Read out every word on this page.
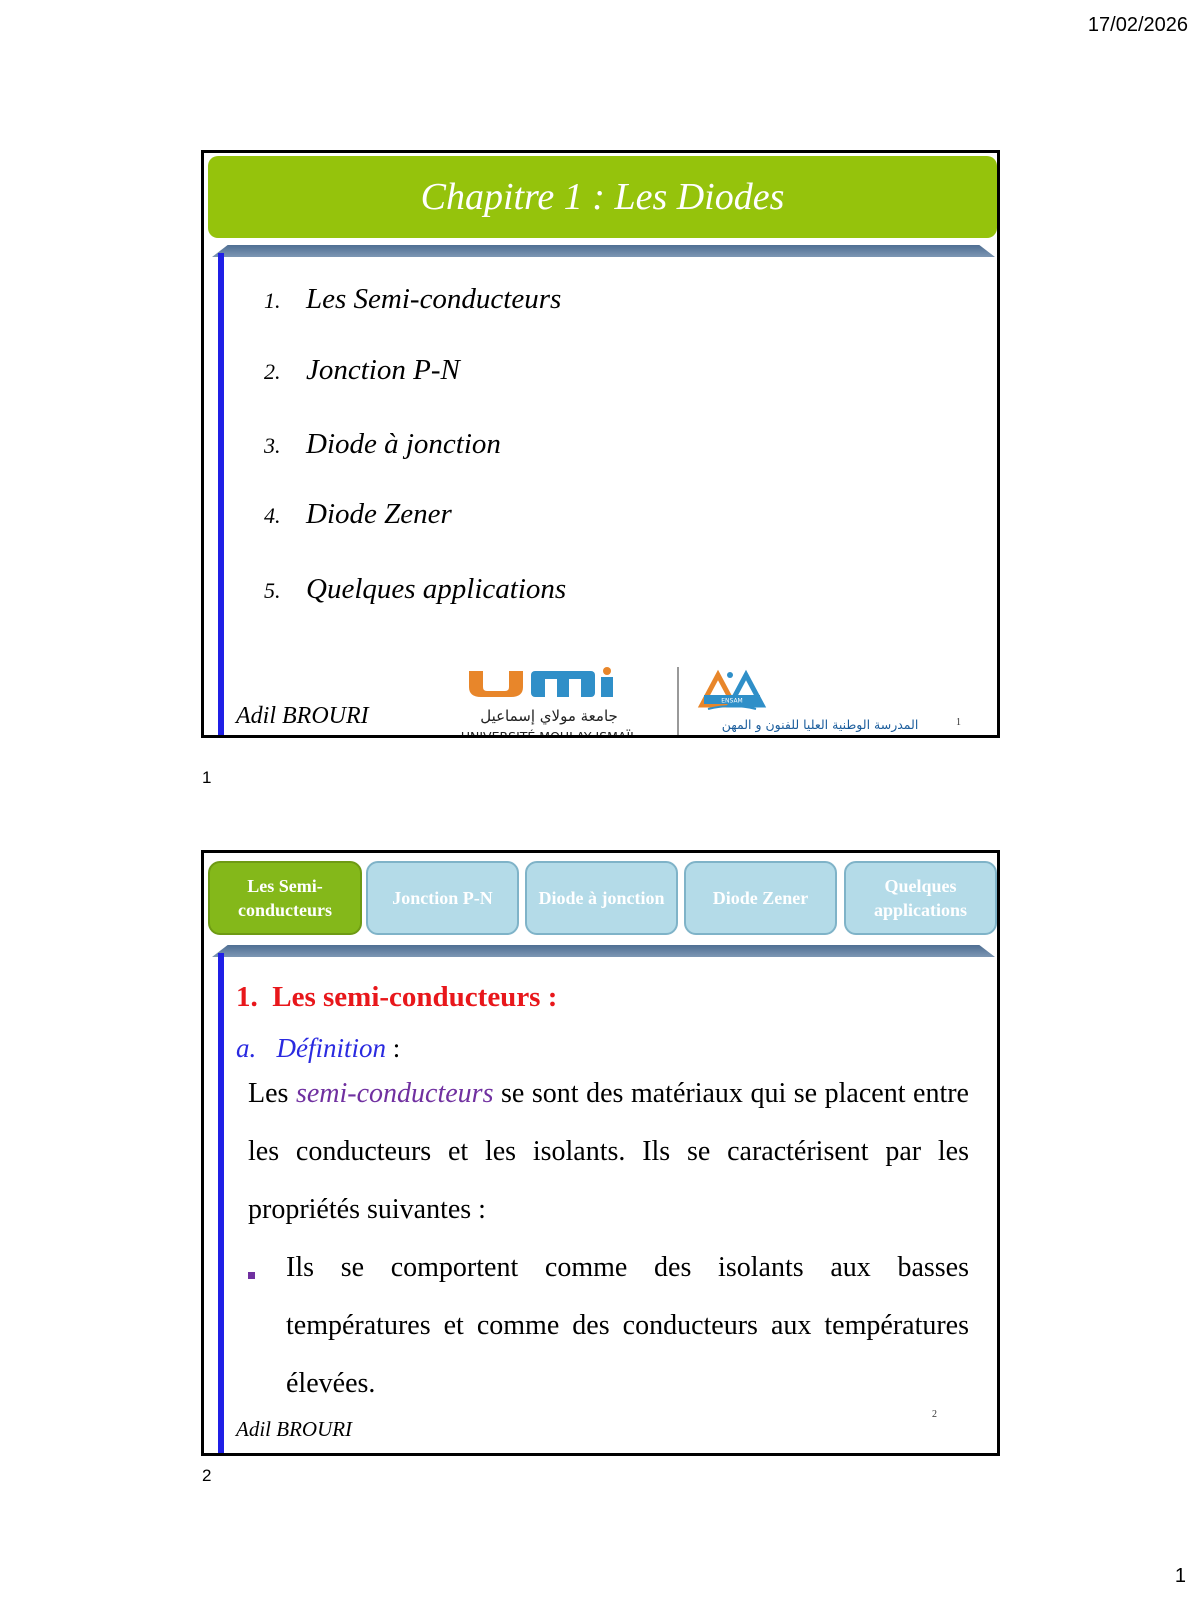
17/02/2026
Chapitre 1 : Les Diodes
1. Les Semi-conducteurs
2. Jonction P-N
3. Diode à jonction
4. Diode Zener
5. Quelques applications
جامعة مولاي إسماعيل
UNIVERSITÉ MOULAY ISMAÏL
ENSAM
المدرسة الوطنية العليا للفنون و المهن
ÉCOLE NATIONALE SUPÉRIEURE D'ARTS ET MÉTIERS
Adil BROURI	1
1
Les Semi-conducteurs
Jonction P-N	Diode à jonction	Diode Zener
Quelques applications
1. Les semi-conducteurs :
a. Définition :
Les semi-conducteurs se sont des matériaux qui se placent entre les conducteurs et les isolants. Ils se caractérisent par les propriétés suivantes :
Ils se comportent comme des isolants aux basses températures et comme des conducteurs aux températures élevées.
Adil BROURI
2
2
1
